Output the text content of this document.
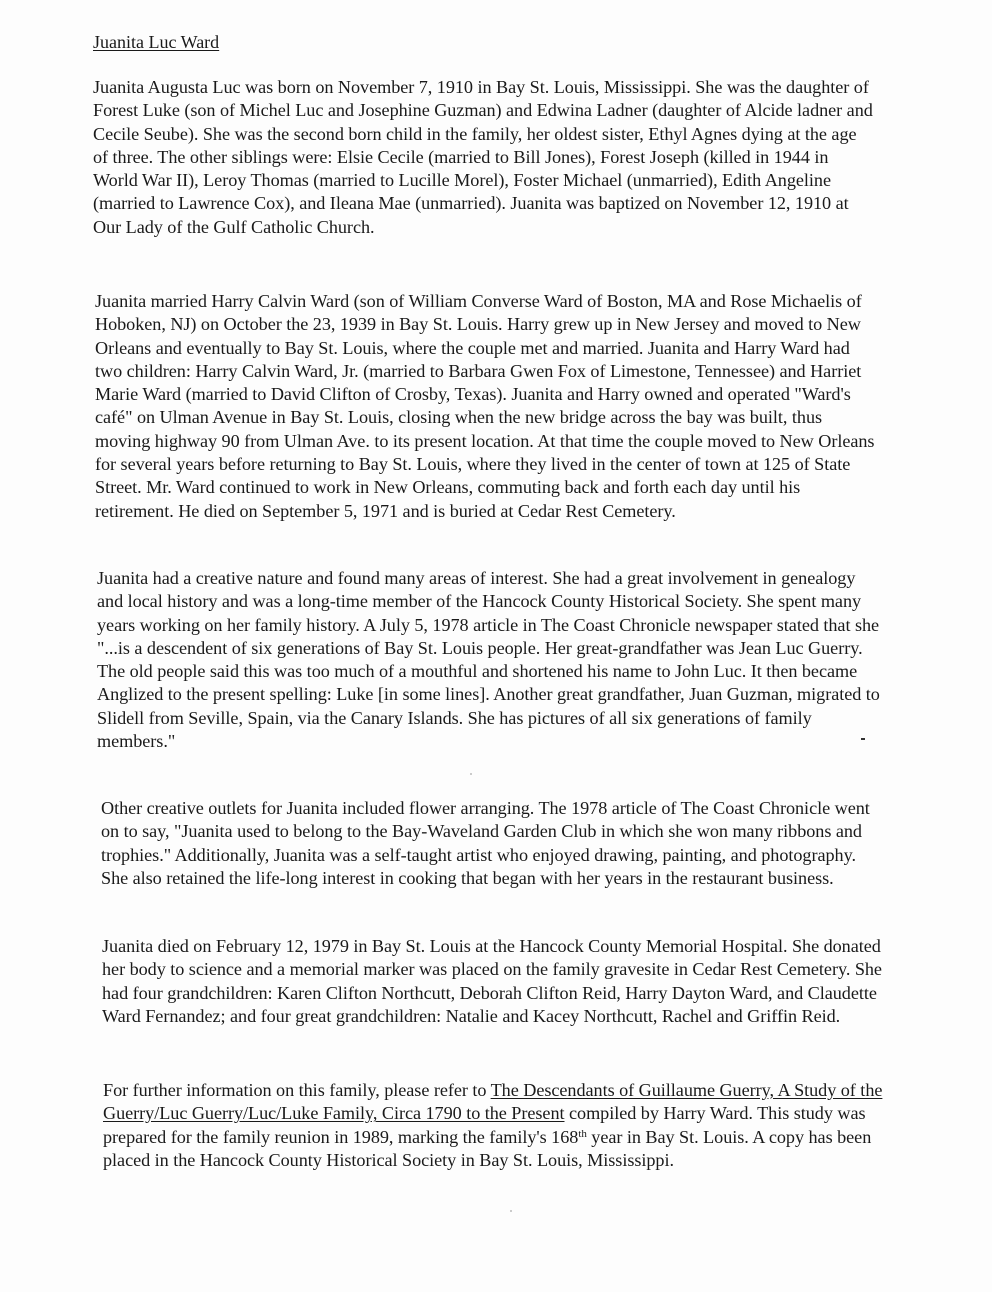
Juanita Luc Ward

Juanita Augusta Luc was born on November 7, 1910 in Bay St. Louis, Mississippi. She was the daughter of Forest Luke (son of Michel Luc and Josephine Guzman) and Edwina Ladner (daughter of Alcide ladner and Cecile Seube). She was the second born child in the family, her oldest sister, Ethyl Agnes dying at the age of three. The other siblings were: Elsie Cecile (married to Bill Jones), Forest Joseph (killed in 1944 in World War II), Leroy Thomas (married to Lucille Morel), Foster Michael (unmarried), Edith Angeline (married to Lawrence Cox), and Ileana Mae (unmarried). Juanita was baptized on November 12, 1910 at Our Lady of the Gulf Catholic Church.

Juanita married Harry Calvin Ward (son of William Converse Ward of Boston, MA and Rose Michaelis of Hoboken, NJ) on October the 23, 1939 in Bay St. Louis. Harry grew up in New Jersey and moved to New Orleans and eventually to Bay St. Louis, where the couple met and married. Juanita and Harry Ward had two children: Harry Calvin Ward, Jr. (married to Barbara Gwen Fox of Limestone, Tennessee) and Harriet Marie Ward (married to David Clifton of Crosby, Texas). Juanita and Harry owned and operated "Ward's café" on Ulman Avenue in Bay St. Louis, closing when the new bridge across the bay was built, thus moving highway 90 from Ulman Ave. to its present location. At that time the couple moved to New Orleans for several years before returning to Bay St. Louis, where they lived in the center of town at 125 of State Street. Mr. Ward continued to work in New Orleans, commuting back and forth each day until his retirement. He died on September 5, 1971 and is buried at Cedar Rest Cemetery.

Juanita had a creative nature and found many areas of interest. She had a great involvement in genealogy and local history and was a long-time member of the Hancock County Historical Society. She spent many years working on her family history. A July 5, 1978 article in The Coast Chronicle newspaper stated that she "...is a descendent of six generations of Bay St. Louis people. Her great-grandfather was Jean Luc Guerry. The old people said this was too much of a mouthful and shortened his name to John Luc. It then became Anglized to the present spelling: Luke [in some lines]. Another great grandfather, Juan Guzman, migrated to Slidell from Seville, Spain, via the Canary Islands. She has pictures of all six generations of family members."

Other creative outlets for Juanita included flower arranging. The 1978 article of The Coast Chronicle went on to say, "Juanita used to belong to the Bay-Waveland Garden Club in which she won many ribbons and trophies." Additionally, Juanita was a self-taught artist who enjoyed drawing, painting, and photography. She also retained the life-long interest in cooking that began with her years in the restaurant business.

Juanita died on February 12, 1979 in Bay St. Louis at the Hancock County Memorial Hospital. She donated her body to science and a memorial marker was placed on the family gravesite in Cedar Rest Cemetery. She had four grandchildren: Karen Clifton Northcutt, Deborah Clifton Reid, Harry Dayton Ward, and Claudette Ward Fernandez; and four great grandchildren: Natalie and Kacey Northcutt, Rachel and Griffin Reid.

For further information on this family, please refer to The Descendants of Guillaume Guerry, A Study of the Guerry/Luc Guerry/Luc/Luke Family, Circa 1790 to the Present compiled by Harry Ward. This study was prepared for the family reunion in 1989, marking the family's 168th year in Bay St. Louis. A copy has been placed in the Hancock County Historical Society in Bay St. Louis, Mississippi.
